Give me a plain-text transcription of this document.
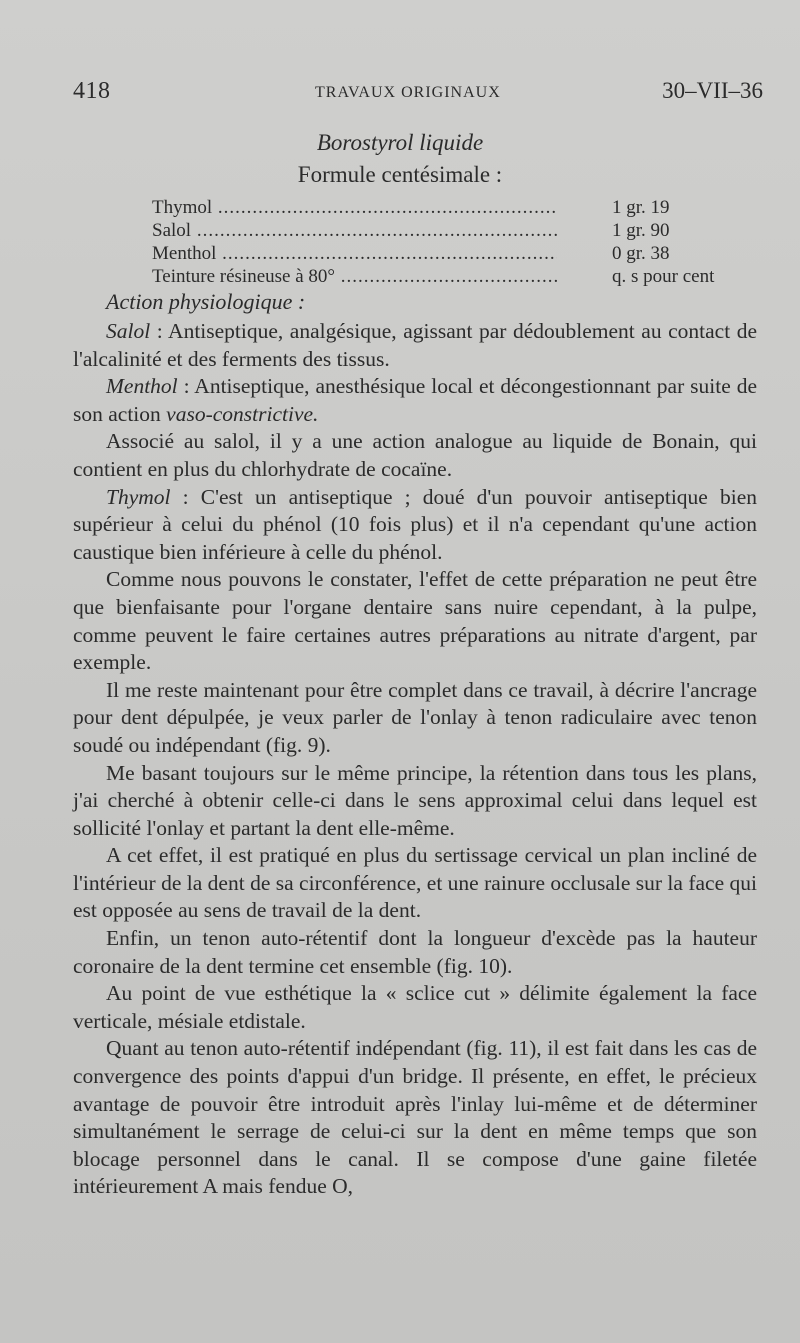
418	TRAVAUX ORIGINAUX	30–VII–36
Borostyrol liquide
Formule centésimale :
Thymol .....	1 gr. 19
Salol .....	1 gr. 90
Menthol .....	0 gr. 38
Teinture résineuse à 80° .....	q. s pour cent
Action physiologique :

Salol : Antiseptique, analgésique, agissant par dédoublement au contact de l'alcalinité et des ferments des tissus.

Menthol : Antiseptique, anesthésique local et décongestionnant par suite de son action vaso-constrictive.

Associé au salol, il y a une action analogue au liquide de Bonain, qui contient en plus du chlorhydrate de cocaïne.

Thymol : C'est un antiseptique ; doué d'un pouvoir antiseptique bien supérieur à celui du phénol (10 fois plus) et il n'a cependant qu'une action caustique bien inférieure à celle du phénol.

Comme nous pouvons le constater, l'effet de cette préparation ne peut être que bienfaisante pour l'organe dentaire sans nuire cependant, à la pulpe, comme peuvent le faire certaines autres préparations au nitrate d'argent, par exemple.

Il me reste maintenant pour être complet dans ce travail, à décrire l'ancrage pour dent dépulpée, je veux parler de l'onlay à tenon radiculaire avec tenon soudé ou indépendant (fig. 9).

Me basant toujours sur le même principe, la rétention dans tous les plans, j'ai cherché à obtenir celle-ci dans le sens approximal celui dans lequel est sollicité l'onlay et partant la dent elle-même.

A cet effet, il est pratiqué en plus du sertissage cervical un plan incliné de l'intérieur de la dent de sa circonférence, et une rainure occlusale sur la face qui est opposée au sens de travail de la dent.

Enfin, un tenon auto-rétentif dont la longueur d'excède pas la hauteur coronaire de la dent termine cet ensemble (fig. 10).

Au point de vue esthétique la « sclice cut » délimite également la face verticale, mésiale etdistale.

Quant au tenon auto-rétentif indépendant (fig. 11), il est fait dans les cas de convergence des points d'appui d'un bridge. Il présente, en effet, le précieux avantage de pouvoir être introduit après l'inlay lui-même et de déterminer simultanément le serrage de celui-ci sur la dent en même temps que son blocage personnel dans le canal. Il se compose d'une gaine filetée intérieurement A mais fendue O,
